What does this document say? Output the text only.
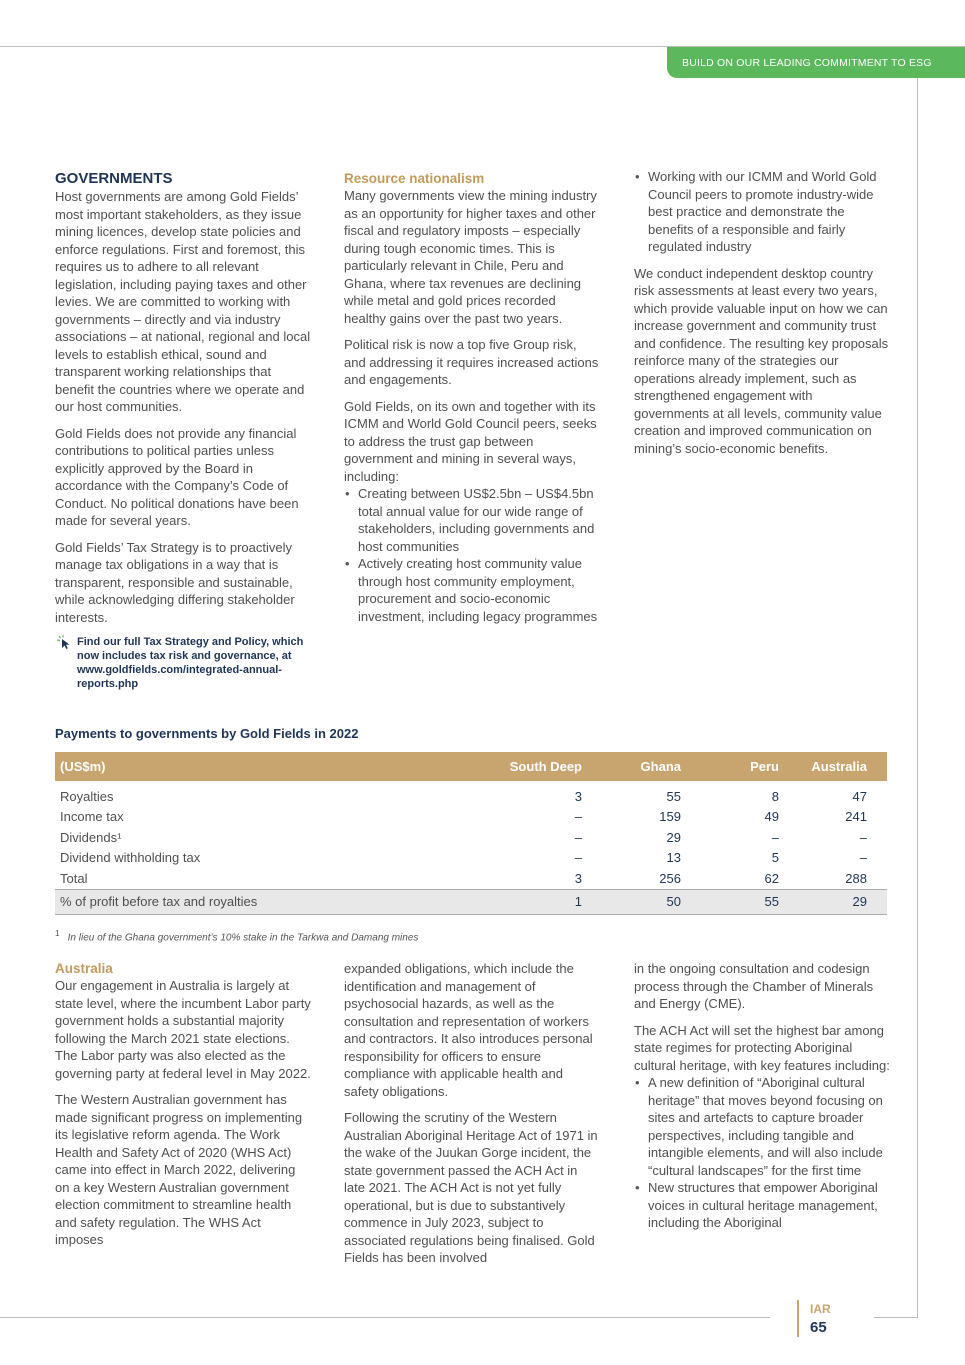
BUILD ON OUR LEADING COMMITMENT TO ESG
GOVERNMENTS

Host governments are among Gold Fields’ most important stakeholders, as they issue mining licences, develop state policies and enforce regulations. First and foremost, this requires us to adhere to all relevant legislation, including paying taxes and other levies. We are committed to working with governments – directly and via industry associations – at national, regional and local levels to establish ethical, sound and transparent working relationships that benefit the countries where we operate and our host communities.

Gold Fields does not provide any financial contributions to political parties unless explicitly approved by the Board in accordance with the Company’s Code of Conduct. No political donations have been made for several years.

Gold Fields’ Tax Strategy is to proactively manage tax obligations in a way that is transparent, responsible and sustainable, while acknowledging differing stakeholder interests.

Find our full Tax Strategy and Policy, which now includes tax risk and governance, at www.goldfields.com/integrated-annual-reports.php
Resource nationalism

Many governments view the mining industry as an opportunity for higher taxes and other fiscal and regulatory imposts – especially during tough economic times. This is particularly relevant in Chile, Peru and Ghana, where tax revenues are declining while metal and gold prices recorded healthy gains over the past two years.

Political risk is now a top five Group risk, and addressing it requires increased actions and engagements.

Gold Fields, on its own and together with its ICMM and World Gold Council peers, seeks to address the trust gap between government and mining in several ways, including:

• Creating between US$2.5bn – US$4.5bn total annual value for our wide range of stakeholders, including governments and host communities
• Actively creating host community value through host community employment, procurement and socio-economic investment, including legacy programmes
• Working with our ICMM and World Gold Council peers to promote industry-wide best practice and demonstrate the benefits of a responsible and fairly regulated industry

We conduct independent desktop country risk assessments at least every two years, which provide valuable input on how we can increase government and community trust and confidence. The resulting key proposals reinforce many of the strategies our operations already implement, such as strengthened engagement with governments at all levels, community value creation and improved communication on mining’s socio-economic benefits.

Payments to governments by Gold Fields in 2022
(US$m)	South Deep	Ghana	Peru	Australia
Royalties	3	55	8	47
Income tax	–	159	49	241
Dividends¹	–	29	–	–
Dividend withholding tax	–	13	5	–
Total	3	256	62	288
% of profit before tax and royalties	1	50	55	29
$^1$ In lieu of the Ghana government’s 10% stake in the Tarkwa and Damang mines
Australia

Our engagement in Australia is largely at state level, where the incumbent Labor party government holds a substantial majority following the March 2021 state elections. The Labor party was also elected as the governing party at federal level in May 2022.

The Western Australian government has made significant progress on implementing its legislative reform agenda. The Work Health and Safety Act of 2020 (WHS Act) came into effect in March 2022, delivering on a key Western Australian government election commitment to streamline health and safety regulation. The WHS Act imposes

expanded obligations, which include the identification and management of psychosocial hazards, as well as the consultation and representation of workers and contractors. It also introduces personal responsibility for officers to ensure compliance with applicable health and safety obligations.

Following the scrutiny of the Western Australian Aboriginal Heritage Act of 1971 in the wake of the Juukan Gorge incident, the state government passed the ACH Act in late 2021. The ACH Act is not yet fully operational, but is due to substantively commence in July 2023, subject to associated regulations being finalised. Gold Fields has been involved

in the ongoing consultation and codesign process through the Chamber of Minerals and Energy (CME).

The ACH Act will set the highest bar among state regimes for protecting Aboriginal cultural heritage, with key features including:

• A new definition of “Aboriginal cultural heritage” that moves beyond focusing on sites and artefacts to capture broader perspectives, including tangible and intangible elements, and will also include “cultural landscapes” for the first time
• New structures that empower Aboriginal voices in cultural heritage management, including the Aboriginal
IAR
65
